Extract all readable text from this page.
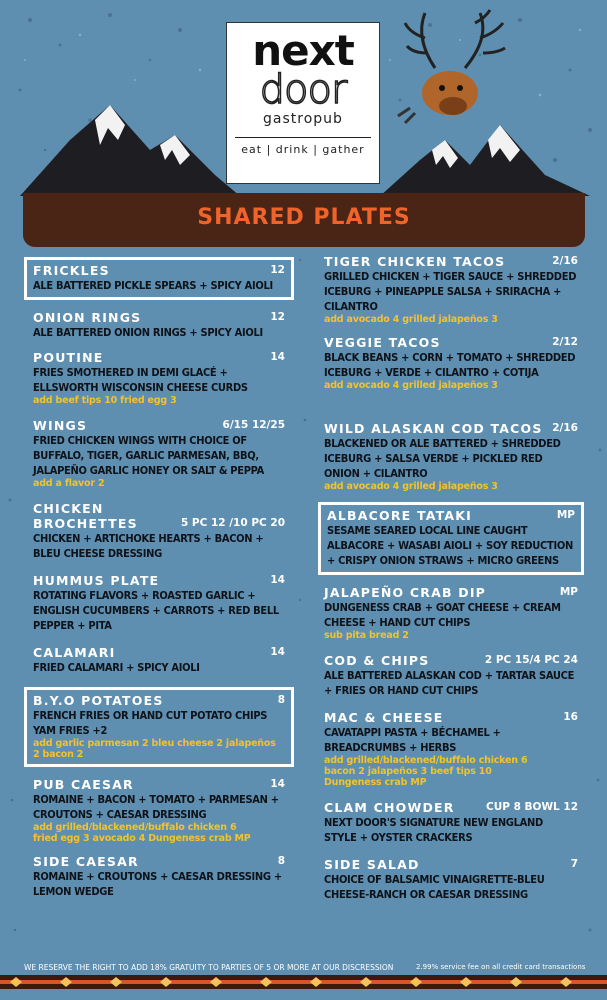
next
door
gastropub
eat | drink | gather
SHARED PLATES
FRICKLES	12
ALE BATTERED PICKLE SPEARS + SPICY AIOLI
ONION RINGS	12
ALE BATTERED ONION RINGS + SPICY AIOLI
POUTINE	14
FRIES SMOTHERED IN DEMI GLACÉ + ELLSWORTH WISCONSIN CHEESE CURDS
add beef tips 10 fried egg 3
WINGS	6/15 12/25
FRIED CHICKEN WINGS WITH CHOICE OF BUFFALO, TIGER, GARLIC PARMESAN, BBQ, JALAPEÑO GARLIC HONEY OR SALT & PEPPA
add a flavor 2
CHICKEN BROCHETTES	5 PC 12 /10 PC 20
CHICKEN + ARTICHOKE HEARTS + BACON + BLEU CHEESE DRESSING
HUMMUS PLATE	14
ROTATING FLAVORS + ROASTED GARLIC + ENGLISH CUCUMBERS + CARROTS + RED BELL PEPPER + PITA
CALAMARI	14
FRIED CALAMARI + SPICY AIOLI
B.Y.O POTATOES	8
FRENCH FRIES OR HAND CUT POTATO CHIPS YAM FRIES +2
add garlic parmesan 2 bleu cheese 2 jalapeños 2 bacon 2
PUB CAESAR	14
ROMAINE + BACON + TOMATO + PARMESAN + CROUTONS + CAESAR DRESSING
add grilled/blackened/buffalo chicken 6
fried egg 3 avocado 4 Dungeness crab MP
SIDE CAESAR	8
ROMAINE + CROUTONS + CAESAR DRESSING + LEMON WEDGE
TIGER CHICKEN TACOS	2/16
GRILLED CHICKEN + TIGER SAUCE + SHREDDED ICEBURG + PINEAPPLE SALSA + SRIRACHA + CILANTRO
add avocado 4 grilled jalapeños 3
VEGGIE TACOS	2/12
BLACK BEANS + CORN + TOMATO + SHREDDED ICEBURG + VERDE + CILANTRO + COTIJA
add avocado 4 grilled jalapeños 3
WILD ALASKAN COD TACOS 2/16
BLACKENED OR ALE BATTERED + SHREDDED ICEBURG + SALSA VERDE + PICKLED RED ONION + CILANTRO
add avocado 4 grilled jalapeños 3
ALBACORE TATAKI	MP
SESAME SEARED LOCAL LINE CAUGHT ALBACORE + WASABI AIOLI + SOY REDUCTION + CRISPY ONION STRAWS + MICRO GREENS
JALAPEÑO CRAB DIP	MP
DUNGENESS CRAB + GOAT CHEESE + CREAM CHEESE + HAND CUT CHIPS
sub pita bread 2
COD & CHIPS	2 PC 15/4 PC 24
ALE BATTERED ALASKAN COD + TARTAR SAUCE + FRIES OR HAND CUT CHIPS
MAC & CHEESE	16
CAVATAPPI PASTA + BÉCHAMEL + BREADCRUMBS + HERBS
add grilled/blackened/buffalo chicken 6
bacon 2 jalapeños 3 beef tips 10
Dungeness crab MP
CLAM CHOWDER	CUP 8 BOWL 12
NEXT DOOR'S SIGNATURE NEW ENGLAND STYLE + OYSTER CRACKERS
SIDE SALAD	7
CHOICE OF BALSAMIC VINAIGRETTE-BLEU CHEESE-RANCH OR CAESAR DRESSING
WE RESERVE THE RIGHT TO ADD 18% GRATUITY TO PARTIES OF 5 OR MORE AT OUR DISCRESSION	2.99% service fee on all credit card transactions
